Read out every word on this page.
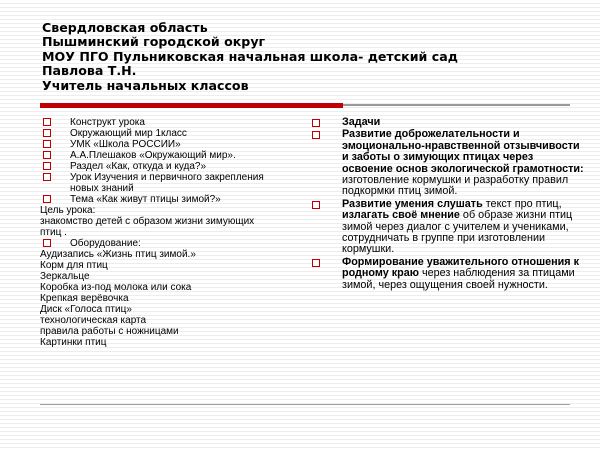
Свердловская область
Пышминский городской округ
МОУ ПГО Пульниковская начальная школа- детский сад
Павлова Т.Н.
Учитель начальных классов
Конструкт урока
Окружающий мир 1класс
УМК «Школа РОССИИ»
А.А.Плешаков «Окружающий мир».
Раздел «Как, откуда и куда?»
Урок Изучения и первичного закрепления новых знаний
Тема «Как живут птицы зимой?»
Цель урока:
знакомство детей с образом жизни зимующих птиц .
Оборудование:
Аудизапись «Жизнь птиц зимой.»
Корм для птиц
Зеркальце
Коробка из-под молока или сока
Крепкая верёвочка
Диск «Голоса птиц»
технологическая карта
правила работы с ножницами
Картинки птиц
Задачи
Развитие доброжелательности и эмоционально-нравственной отзывчивости и заботы о зимующих птицах через освоение основ экологической грамотности: изготовление кормушки и разработку правил подкормки птиц зимой.
Развитие умения слушать текст про птиц, излагать своё мнение об образе жизни птиц зимой через диалог с учителем и учениками, сотрудничать в группе при изготовлении кормушки.
Формирование уважительного отношения к родному краю через наблюдения за птицами зимой, через ощущения своей нужности.
